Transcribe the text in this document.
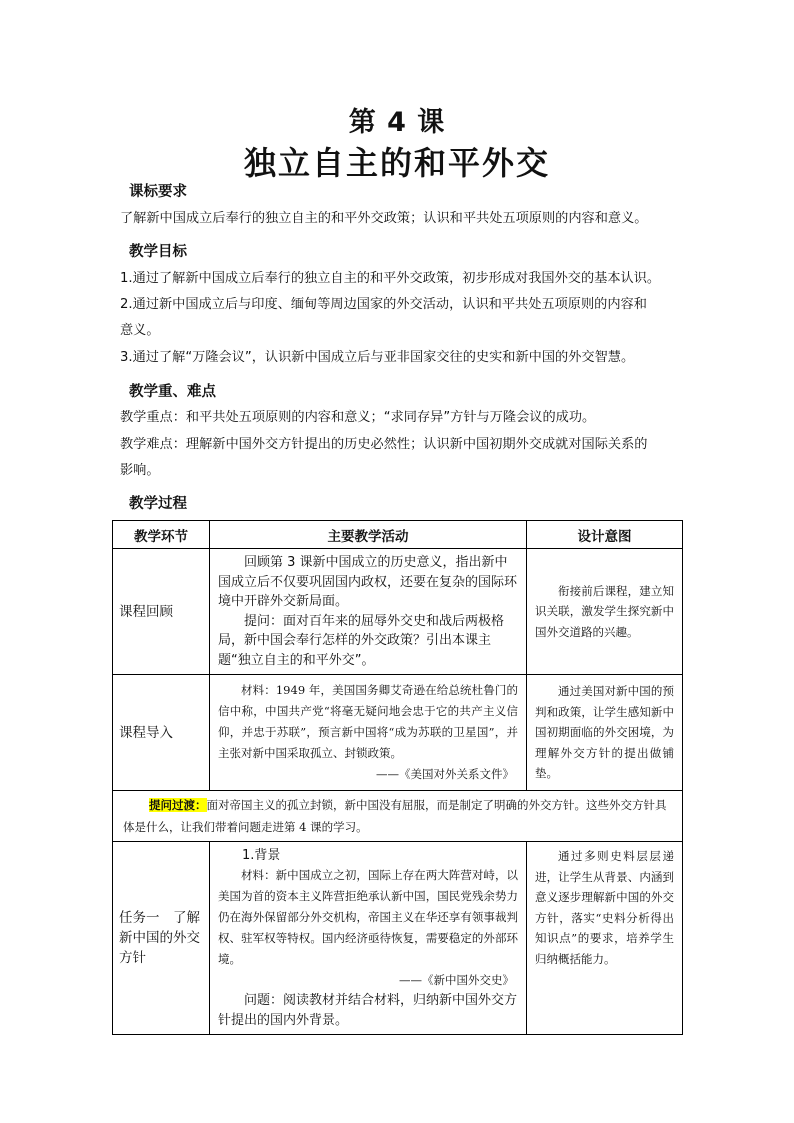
第 4 课
独立自主的和平外交
课标要求
了解新中国成立后奉行的独立自主的和平外交政策；认识和平共处五项原则的内容和意义。
教学目标
1.通过了解新中国成立后奉行的独立自主的和平外交政策，初步形成对我国外交的基本认识。
2.通过新中国成立后与印度、缅甸等周边国家的外交活动，认识和平共处五项原则的内容和
意义。
3.通过了解“万隆会议”，认识新中国成立后与亚非国家交往的史实和新中国的外交智慧。
教学重、难点
教学重点：和平共处五项原则的内容和意义；“求同存异”方针与万隆会议的成功。
教学难点：理解新中国外交方针提出的历史必然性；认识新中国初期外交成就对国际关系的
影响。
教学过程
教学环节	主要教学活动	设计意图
课程回顾	回顾第 3 课新中国成立的历史意义，指出新中国成立后不仅要巩固国内政权，还要在复杂的国际环境中开辟外交新局面。

提问：面对百年来的屈辱外交史和战后两极格局，新中国会奉行怎样的外交政策？引出本课主题“独立自主的和平外交”。	衔接前后课程，建立知识关联，激发学生探究新中国外交道路的兴趣。

课程导入	材料：1949 年，美国国务卿艾奇逊在给总统杜鲁门的信中称，中国共产党“将毫无疑问地会忠于它的共产主义信仰，并忠于苏联”，预言新中国将“成为苏联的卫星国”，并主张对新中国采取孤立、封锁政策。

——《美国对外关系文件》	通过美国对新中国的预判和政策，让学生感知新中国初期面临的外交困境，为理解外交方针的提出做铺垫。

提问过渡：面对帝国主义的孤立封锁，新中国没有屈服，而是制定了明确的外交方针。这些外交方针具体是什么，让我们带着问题走进第 4 课的学习。		
任务一　了解新中国的外交方针	1.背景

材料：新中国成立之初，国际上存在两大阵营对峙，以美国为首的资本主义阵营拒绝承认新中国，国民党残余势力仍在海外保留部分外交机构，帝国主义在华还享有领事裁判权、驻军权等特权。国内经济亟待恢复，需要稳定的外部环境。

——《新中国外交史》

问题：阅读教材并结合材料，归纳新中国外交方针提出的国内外背景。	通过多则史料层层递进，让学生从背景、内涵到意义逐步理解新中国的外交方针，落实“史料分析得出知识点”的要求，培养学生归纳概括能力。
